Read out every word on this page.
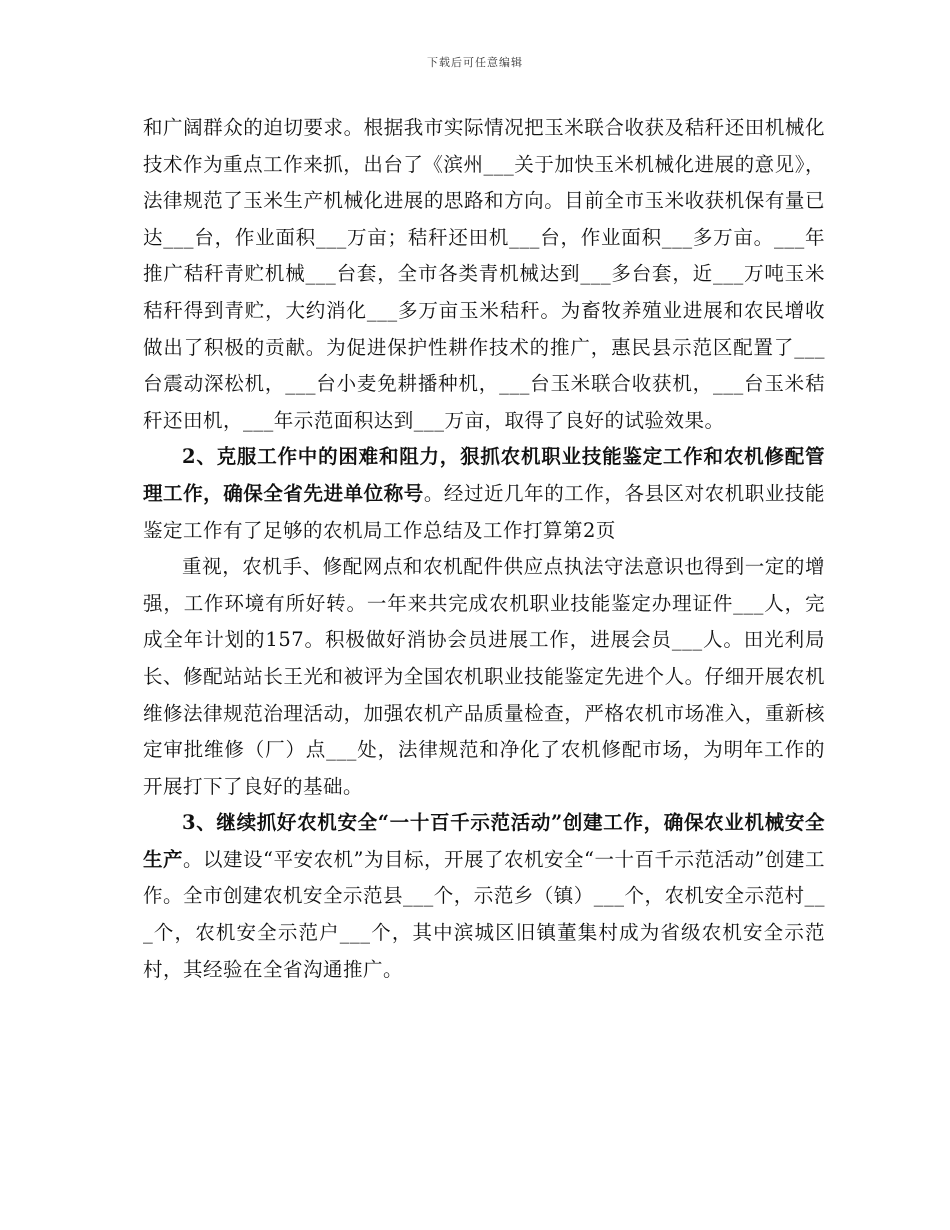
下载后可任意编辑

和广阔群众的迫切要求。根据我市实际情况把玉米联合收获及秸秆还田机械化技术作为重点工作来抓，出台了《滨州___关于加快玉米机械化进展的意见》，法律规范了玉米生产机械化进展的思路和方向。目前全市玉米收获机保有量已达___台，作业面积___万亩；秸秆还田机___台，作业面积___多万亩。___年推广秸秆青贮机械___台套，全市各类青机械达到___多台套，近___万吨玉米秸秆得到青贮，大约消化___多万亩玉米秸秆。为畜牧养殖业进展和农民增收做出了积极的贡献。为促进保护性耕作技术的推广，惠民县示范区配置了___台震动深松机，___台小麦免耕播种机，___台玉米联合收获机，___台玉米秸秆还田机，___年示范面积达到___万亩，取得了良好的试验效果。

2、克服工作中的困难和阻力，狠抓农机职业技能鉴定工作和农机修配管理工作，确保全省先进单位称号。经过近几年的工作，各县区对农机职业技能鉴定工作有了足够的农机局工作总结及工作打算第2页

重视，农机手、修配网点和农机配件供应点执法守法意识也得到一定的增强，工作环境有所好转。一年来共完成农机职业技能鉴定办理证件___人，完成全年计划的157。积极做好消协会员进展工作，进展会员___人。田光利局长、修配站站长王光和被评为全国农机职业技能鉴定先进个人。仔细开展农机维修法律规范治理活动，加强农机产品质量检查，严格农机市场准入，重新核定审批维修（厂）点___处，法律规范和净化了农机修配市场，为明年工作的开展打下了良好的基础。

3、继续抓好农机安全“一十百千示范活动”创建工作，确保农业机械安全生产。以建设“平安农机”为目标，开展了农机安全“一十百千示范活动”创建工作。全市创建农机安全示范县___个，示范乡（镇）___个，农机安全示范村___个，农机安全示范户___个，其中滨城区旧镇董集村成为省级农机安全示范村，其经验在全省沟通推广。
